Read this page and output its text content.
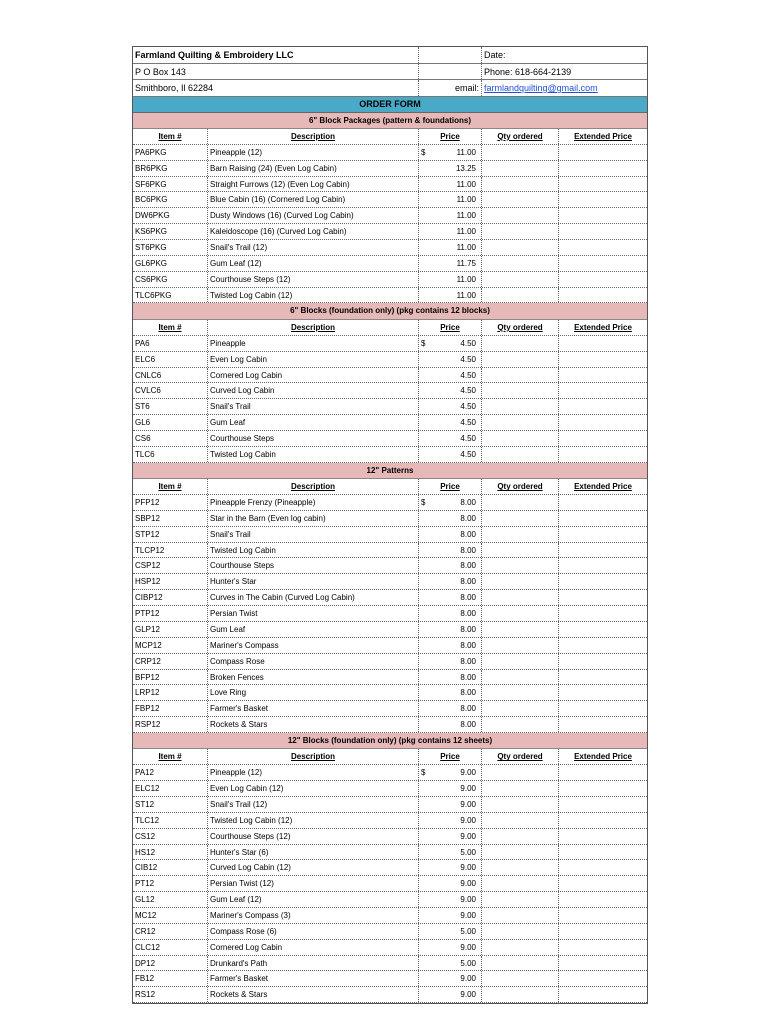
Farmland Quilting & Embroidery LLC	Date:
P O Box 143	Phone: 618-664-2139
Smithboro, Il 62284	email: farmlandquilting@gmail.com
ORDER FORM
6" Block Packages (pattern & foundations)
Item #	Description	Price	Qty ordered	Extended Price
PA6PKG	Pineapple (12)	$	11.00
BR6PKG	Barn Raising (24) (Even Log Cabin)	13.25
SF6PKG	Straight Furrows (12) (Even Log Cabin)	11.00
BC6PKG	Blue Cabin (16) (Cornered Log Cabin)	11.00
DW6PKG	Dusty Windows (16) (Curved Log Cabin)	11.00
KS6PKG	Kaleidoscope (16) (Curved Log Cabin)	11.00
ST6PKG	Snail's Trail (12)	11.00
GL6PKG	Gum Leaf (12)	11.75
CS6PKG	Courthouse Steps (12)	11.00
TLC6PKG	Twisted Log Cabin (12)	11.00
6" Blocks (foundation only) (pkg contains 12 blocks)
Item #	Description	Price	Qty ordered	Extended Price
PA6	Pineapple	$	4.50
ELC6	Even Log Cabin	4.50
CNLC6	Cornered Log Cabin	4.50
CVLC6	Curved Log Cabin	4.50
ST6	Snail's Trail	4.50
GL6	Gum Leaf	4.50
CS6	Courthouse Steps	4.50
TLC6	Twisted Log Cabin	4.50
12" Patterns
Item #	Description	Price	Qty ordered	Extended Price
PFP12	Pineapple Frenzy (Pineapple)	$	8.00
SBP12	Star in the Barn (Even log cabin)	8.00
STP12	Snail's Trail	8.00
TLCP12	Twisted Log Cabin	8.00
CSP12	Courthouse Steps	8.00
HSP12	Hunter's Star	8.00
CIBP12	Curves in The Cabin (Curved Log Cabin)	8.00
PTP12	Persian Twist	8.00
GLP12	Gum Leaf	8.00
MCP12	Mariner's Compass	8.00
CRP12	Compass Rose	8.00
BFP12	Broken Fences	8.00
LRP12	Love Ring	8.00
FBP12	Farmer's Basket	8.00
RSP12	Rockets & Stars	8.00
12" Blocks (foundation only) (pkg contains 12 sheets)
Item #	Description	Price	Qty ordered	Extended Price
PA12	Pineapple (12)	$	9.00
ELC12	Even Log Cabin (12)	9.00
ST12	Snail's Trail (12)	9.00
TLC12	Twisted Log Cabin (12)	9.00
CS12	Courthouse Steps (12)	9.00
HS12	Hunter's Star (6)	5.00
CIB12	Curved Log Cabin (12)	9.00
PT12	Persian Twist (12)	9.00
GL12	Gum Leaf (12)	9.00
MC12	Mariner's Compass (3)	9.00
CR12	Compass Rose (6)	5.00
CLC12	Cornered Log Cabin	9.00
DP12	Drunkard's Path	5.00
FB12	Farmer's Basket	9.00
RS12	Rockets & Stars	9.00
